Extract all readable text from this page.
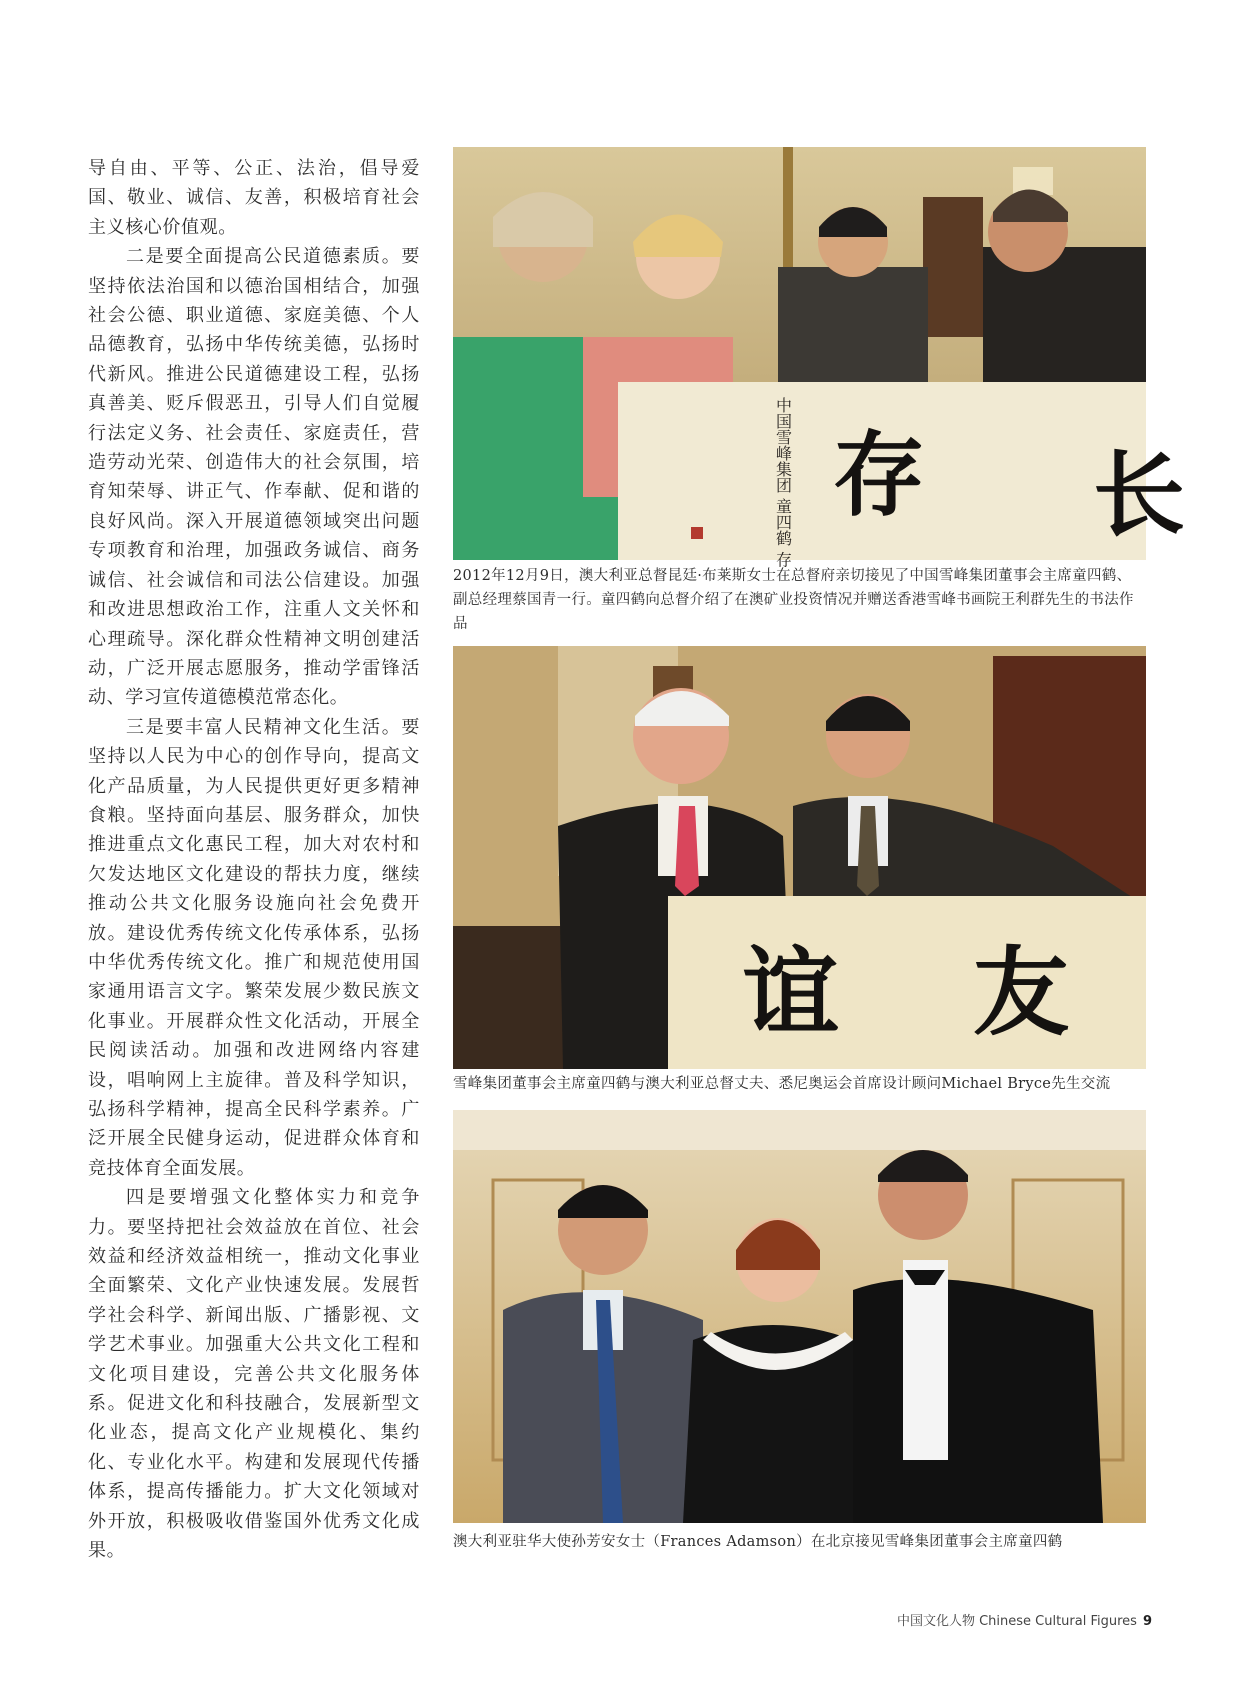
导自由、平等、公正、法治，倡导爱国、敬业、诚信、友善，积极培育社会主义核心价值观。

二是要全面提高公民道德素质。要坚持依法治国和以德治国相结合，加强社会公德、职业道德、家庭美德、个人品德教育，弘扬中华传统美德，弘扬时代新风。推进公民道德建设工程，弘扬真善美、贬斥假恶丑，引导人们自觉履行法定义务、社会责任、家庭责任，营造劳动光荣、创造伟大的社会氛围，培育知荣辱、讲正气、作奉献、促和谐的良好风尚。深入开展道德领域突出问题专项教育和治理，加强政务诚信、商务诚信、社会诚信和司法公信建设。加强和改进思想政治工作，注重人文关怀和心理疏导。深化群众性精神文明创建活动，广泛开展志愿服务，推动学雷锋活动、学习宣传道德模范常态化。

三是要丰富人民精神文化生活。要坚持以人民为中心的创作导向，提高文化产品质量，为人民提供更好更多精神食粮。坚持面向基层、服务群众，加快推进重点文化惠民工程，加大对农村和欠发达地区文化建设的帮扶力度，继续推动公共文化服务设施向社会免费开放。建设优秀传统文化传承体系，弘扬中华优秀传统文化。推广和规范使用国家通用语言文字。繁荣发展少数民族文化事业。开展群众性文化活动，开展全民阅读活动。加强和改进网络内容建设，唱响网上主旋律。普及科学知识，弘扬科学精神，提高全民科学素养。广泛开展全民健身运动，促进群众体育和竞技体育全面发展。

四是要增强文化整体实力和竞争力。要坚持把社会效益放在首位、社会效益和经济效益相统一，推动文化事业全面繁荣、文化产业快速发展。发展哲学社会科学、新闻出版、广播影视、文学艺术事业。加强重大公共文化工程和文化项目建设，完善公共文化服务体系。促进文化和科技融合，发展新型文化业态，提高文化产业规模化、集约化、专业化水平。构建和发展现代传播体系，提高传播能力。扩大文化领域对外开放，积极吸收借鉴国外优秀文化成果。

长
存
中国雪峰集团 童四鹤 存
2012年12月9日，澳大利亚总督昆廷·布莱斯女士在总督府亲切接见了中国雪峰集团董事会主席童四鹤、副总经理蔡国青一行。童四鹤向总督介绍了在澳矿业投资情况并赠送香港雪峰书画院王利群先生的书法作品
谊 友
雪峰集团董事会主席童四鹤与澳大利亚总督丈夫、悉尼奥运会首席设计顾问Michael Bryce先生交流
澳大利亚驻华大使孙芳安女士（Frances Adamson）在北京接见雪峰集团董事会主席童四鹤
中国文化人物 Chinese Cultural Figures 9
